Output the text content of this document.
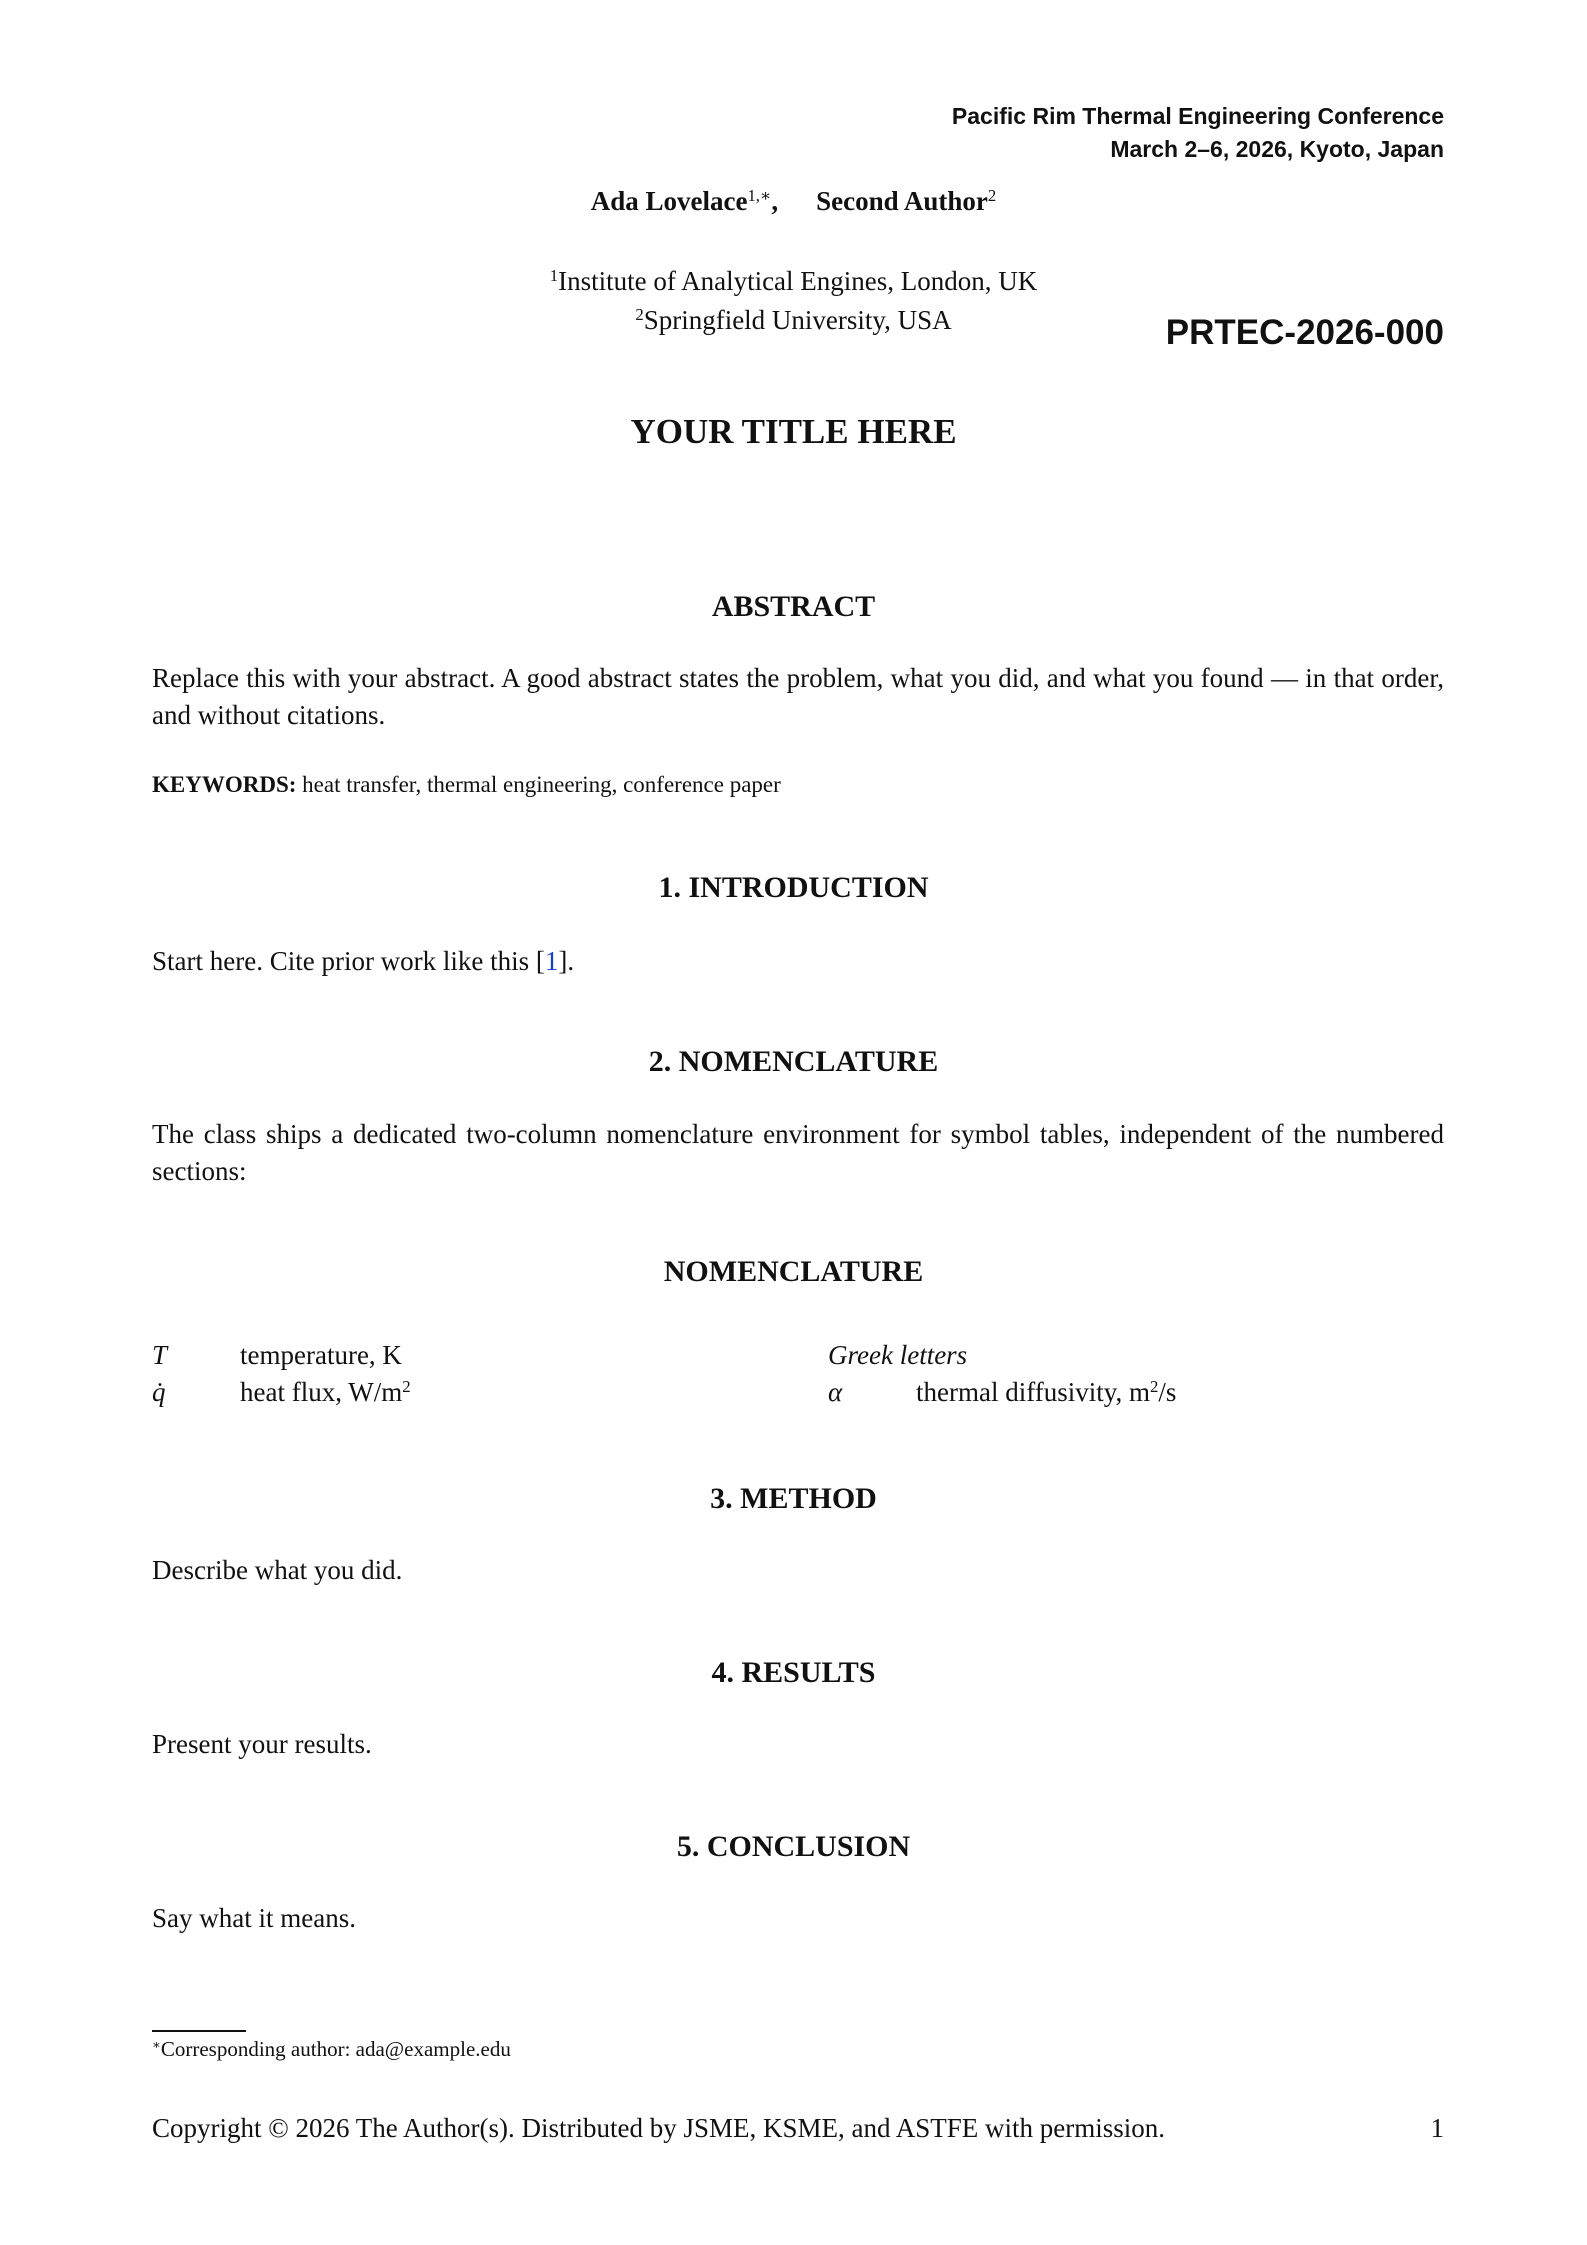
Pacific Rim Thermal Engineering Conference
March 2–6, 2026, Kyoto, Japan
Ada Lovelace$^{1,∗}$, Second Author$^2$
$^1$Institute of Analytical Engines, London, UK
$^2$Springfield University, USA	PRTEC-2026-000
YOUR TITLE HERE
ABSTRACT
Replace this with your abstract. A good abstract states the problem, what you did, and what you found — in that order, and without citations.
KEYWORDS: heat transfer, thermal engineering, conference paper
1. INTRODUCTION
Start here. Cite prior work like this [1].
2. NOMENCLATURE
The class ships a dedicated two-column nomenclature environment for symbol tables, independent of the numbered sections:
NOMENCLATURE
T	temperature, K
q̇	heat flux, $W/m^2$
Greek letters
α	thermal diffusivity, $m^2/s$
3. METHOD
Describe what you did.
4. RESULTS
Present your results.
5. CONCLUSION
Say what it means.
∗Corresponding author: ada@example.edu
Copyright © 2026 The Author(s). Distributed by JSME, KSME, and ASTFE with permission.	1
